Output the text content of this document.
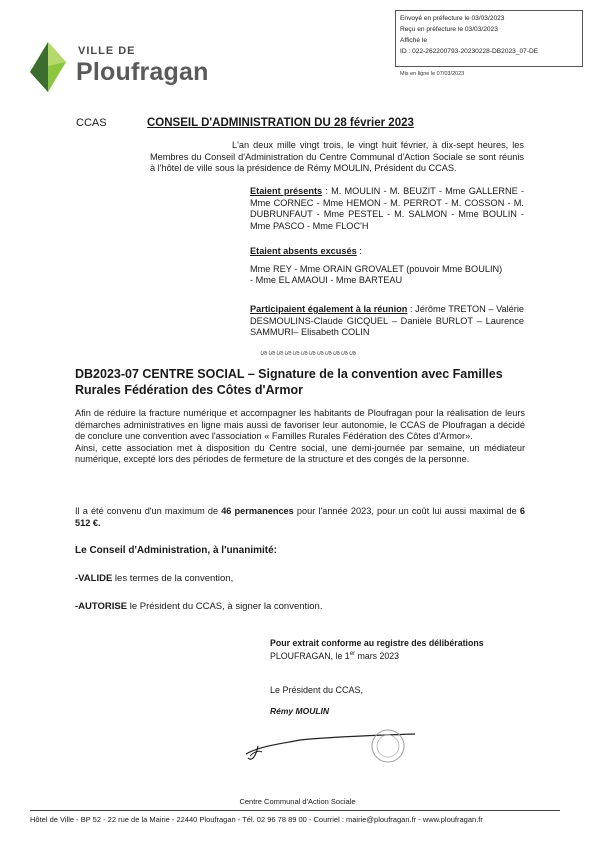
VILLE DE
Ploufragan
Envoyé en préfecture le 03/03/2023
Reçu en préfecture le 03/03/2023
Affiché le
ID : 022-262200793-20230228-DB2023_07-DE
Mis en ligne le 07/03/2023
CCAS	CONSEIL D'ADMINISTRATION DU 28 février 2023
L'an deux mille vingt trois, le vingt huit février, à dix-sept heures, les Membres du Conseil d'Administration du Centre Communal d'Action Sociale se sont réunis à l'hôtel de ville sous la présidence de Rémy MOULIN, Président du CCAS.
Etaient présents : M. MOULIN - M. BEUZIT - Mme GALLERNE - Mme CORNEC - Mme HEMON - M. PERROT - M. COSSON - M. DUBRUNFAUT - Mme PESTEL - M. SALMON - Mme BOULIN - Mme PASCO - Mme FLOC'H
Etaient absents excusés :
Mme REY - Mme ORAIN GROVALET (pouvoir Mme BOULIN)
- Mme EL AMAOUI - Mme BARTEAU
Participaient également à la réunion : Jérôme TRETON – Valérie DESMOULINS-Claude GICQUEL – Danièle BURLOT – Laurence SAMMURI– Elisabeth COLIN
ശശശശശശശശശശശശ
DB2023-07 CENTRE SOCIAL – Signature de la convention avec Familles Rurales Fédération des Côtes d'Armor
Afin de réduire la fracture numérique et accompagner les habitants de Ploufragan pour la réalisation de leurs démarches administratives en ligne mais aussi de favoriser leur autonomie, le CCAS de Ploufragan a décidé de conclure une convention avec l'association « Familles Rurales Fédération des Côtes d'Armor».
Ainsi, cette association met à disposition du Centre social, une demi-journée par semaine, un médiateur numérique, excepté lors des périodes de fermeture de la structure et des congés de la personne.
Il a été convenu d'un maximum de 46 permanences pour l'année 2023, pour un coût lui aussi maximal de 6 512 €.
Le Conseil d'Administration, à l'unanimité:
-VALIDE les termes de la convention,
-AUTORISE le Président du CCAS, à signer la convention.
Pour extrait conforme au registre des délibérations
PLOUFRAGAN, le 1er mars 2023
Le Président du CCAS,
Rémy MOULIN
Centre Communal d'Action Sociale
Hôtel de Ville - BP 52 - 22 rue de la Mairie - 22440 Ploufragan - Tél. 02 96 78 89 00 - Courriel : mairie@ploufragan.fr - www.ploufragan.fr
